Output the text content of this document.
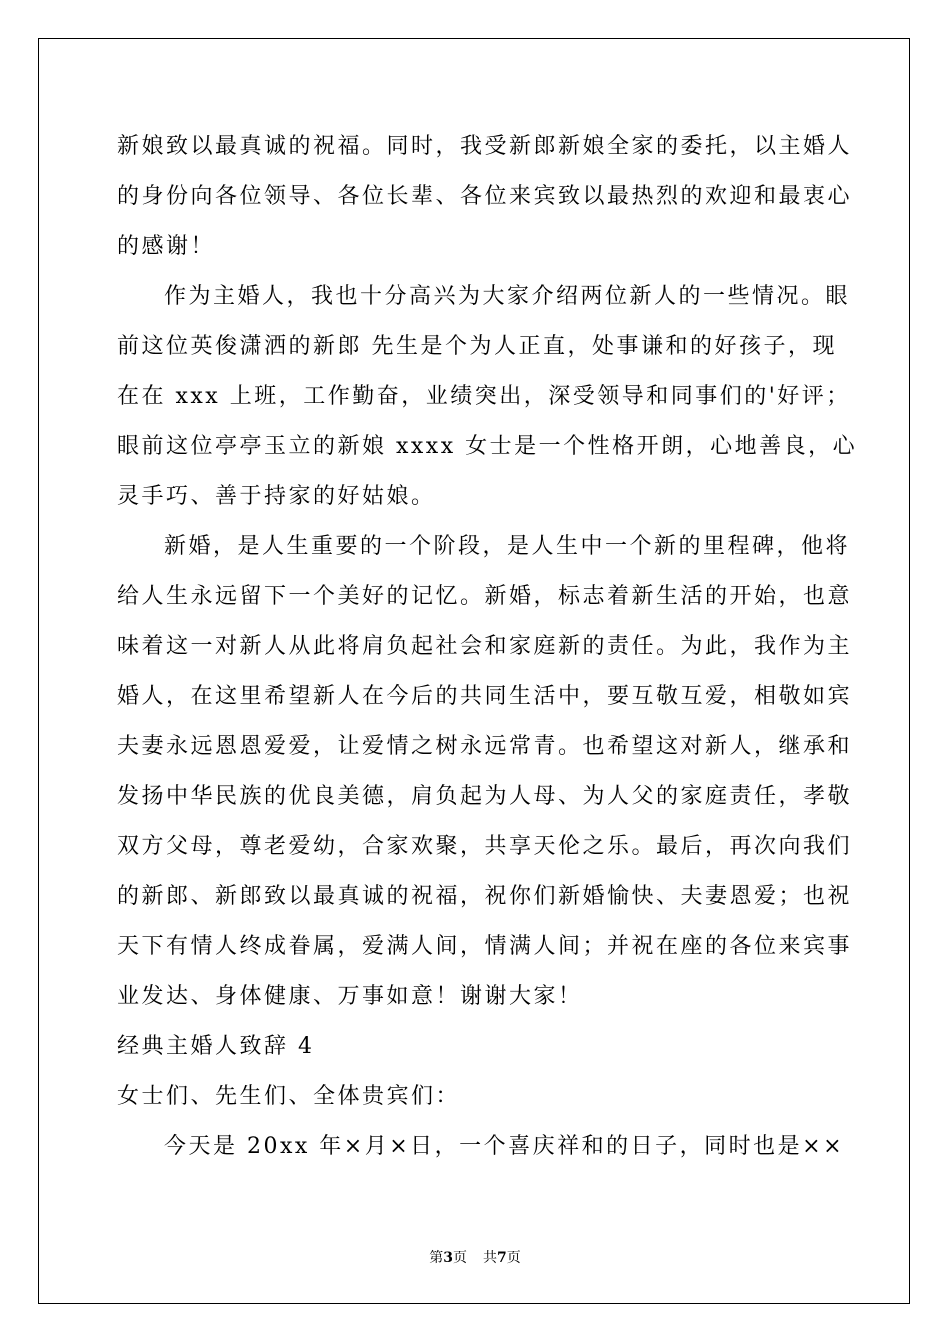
新娘致以最真诚的祝福。同时，我受新郎新娘全家的委托，以主婚人
的身份向各位领导、各位长辈、各位来宾致以最热烈的欢迎和最衷心
的感谢！
作为主婚人，我也十分高兴为大家介绍两位新人的一些情况。眼
前这位英俊潇洒的新郎 先生是个为人正直，处事谦和的好孩子，现
在在 xxx 上班，工作勤奋，业绩突出，深受领导和同事们的'好评；
眼前这位亭亭玉立的新娘 xxxx 女士是一个性格开朗，心地善良，心
灵手巧、善于持家的好姑娘。
新婚，是人生重要的一个阶段，是人生中一个新的里程碑，他将
给人生永远留下一个美好的记忆。新婚，标志着新生活的开始，也意
味着这一对新人从此将肩负起社会和家庭新的责任。为此，我作为主
婚人，在这里希望新人在今后的共同生活中，要互敬互爱，相敬如宾
夫妻永远恩恩爱爱，让爱情之树永远常青。也希望这对新人，继承和
发扬中华民族的优良美德，肩负起为人母、为人父的家庭责任，孝敬
双方父母，尊老爱幼，合家欢聚，共享天伦之乐。最后，再次向我们
的新郎、新郎致以最真诚的祝福，祝你们新婚愉快、夫妻恩爱；也祝
天下有情人终成眷属，爱满人间，情满人间；并祝在座的各位来宾事
业发达、身体健康、万事如意！谢谢大家！
经典主婚人致辞 4
女士们、先生们、全体贵宾们：
今天是 20xx 年×月×日，一个喜庆祥和的日子，同时也是××
第3页 共7页
